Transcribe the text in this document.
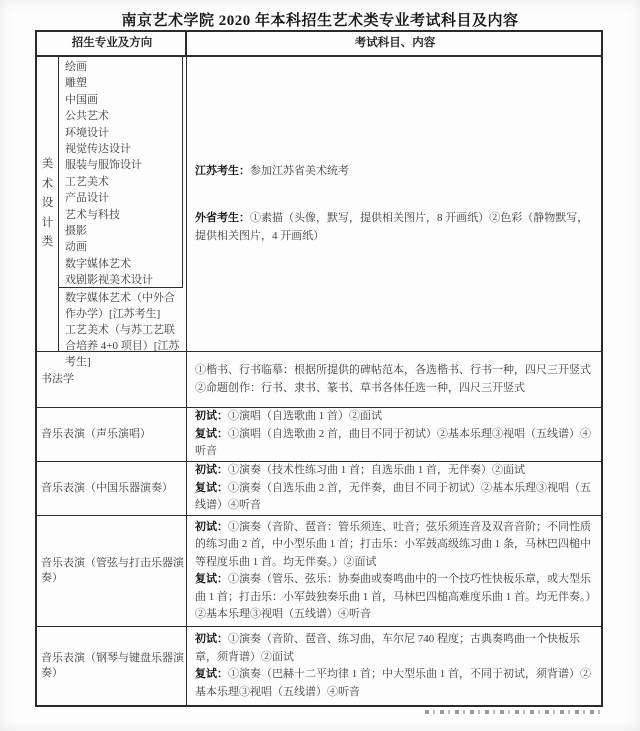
南京艺术学院 2020 年本科招生艺术类专业考试科目及内容
招生专业及方向	考试科目、内容
美术设计类
绘画
雕塑
中国画
公共艺术
环境设计
视觉传达设计
服装与服饰设计
工艺美术
产品设计
艺术与科技
摄影
动画
数字媒体艺术
戏剧影视美术设计
数字媒体艺术（中外合作办学）[江苏考生]
工艺美术（与苏工艺联合培养 4+0 项目）[江苏考生]

江苏考生：参加江苏省美术统考

外省考生：①素描（头像，默写，提供相关图片，8 开画纸）②色彩（静物默写，提供相关图片，4 开画纸）

书法学

①楷书、行书临摹：根据所提供的碑帖范本，各选楷书、行书一种，四尺三开竖式②命题创作：行书、隶书、篆书、草书各体任选一种，四尺三开竖式

音乐表演（声乐演唱）

初试：①演唱（自选歌曲 1 首）②面试

复试：①演唱（自选歌曲 2 首，曲目不同于初试）②基本乐理③视唱（五线谱）④听音

音乐表演（中国乐器演奏）

初试：①演奏（技术性练习曲 1 首；自选乐曲 1 首，无伴奏）②面试

复试：①演奏（自选乐曲 2 首，无伴奏，曲目不同于初试）②基本乐理③视唱（五线谱）④听音

音乐表演（管弦与打击乐器演奏）

初试：①演奏（音阶、琶音：管乐须连、吐音；弦乐须连音及双音音阶；不同性质的练习曲 2 首，中小型乐曲 1 首；打击乐：小军鼓高级练习曲 1 条，马林巴四槌中等程度乐曲 1 首。均无伴奏。）②面试

复试：①演奏（管乐、弦乐：协奏曲或奏鸣曲中的一个技巧性快板乐章，或大型乐曲 1 首；打击乐：小军鼓独奏乐曲 1 首，马林巴四槌高难度乐曲 1 首。均无伴奏。）②基本乐理③视唱（五线谱）④听音

音乐表演（钢琴与键盘乐器演奏）

初试：①演奏（音阶、琶音、练习曲，车尔尼 740 程度；古典奏鸣曲一个快板乐章，须背谱）②面试

复试：①演奏（巴赫十二平均律 1 首；中大型乐曲 1 首，不同于初试，须背谱）②基本乐理③视唱（五线谱）④听音
